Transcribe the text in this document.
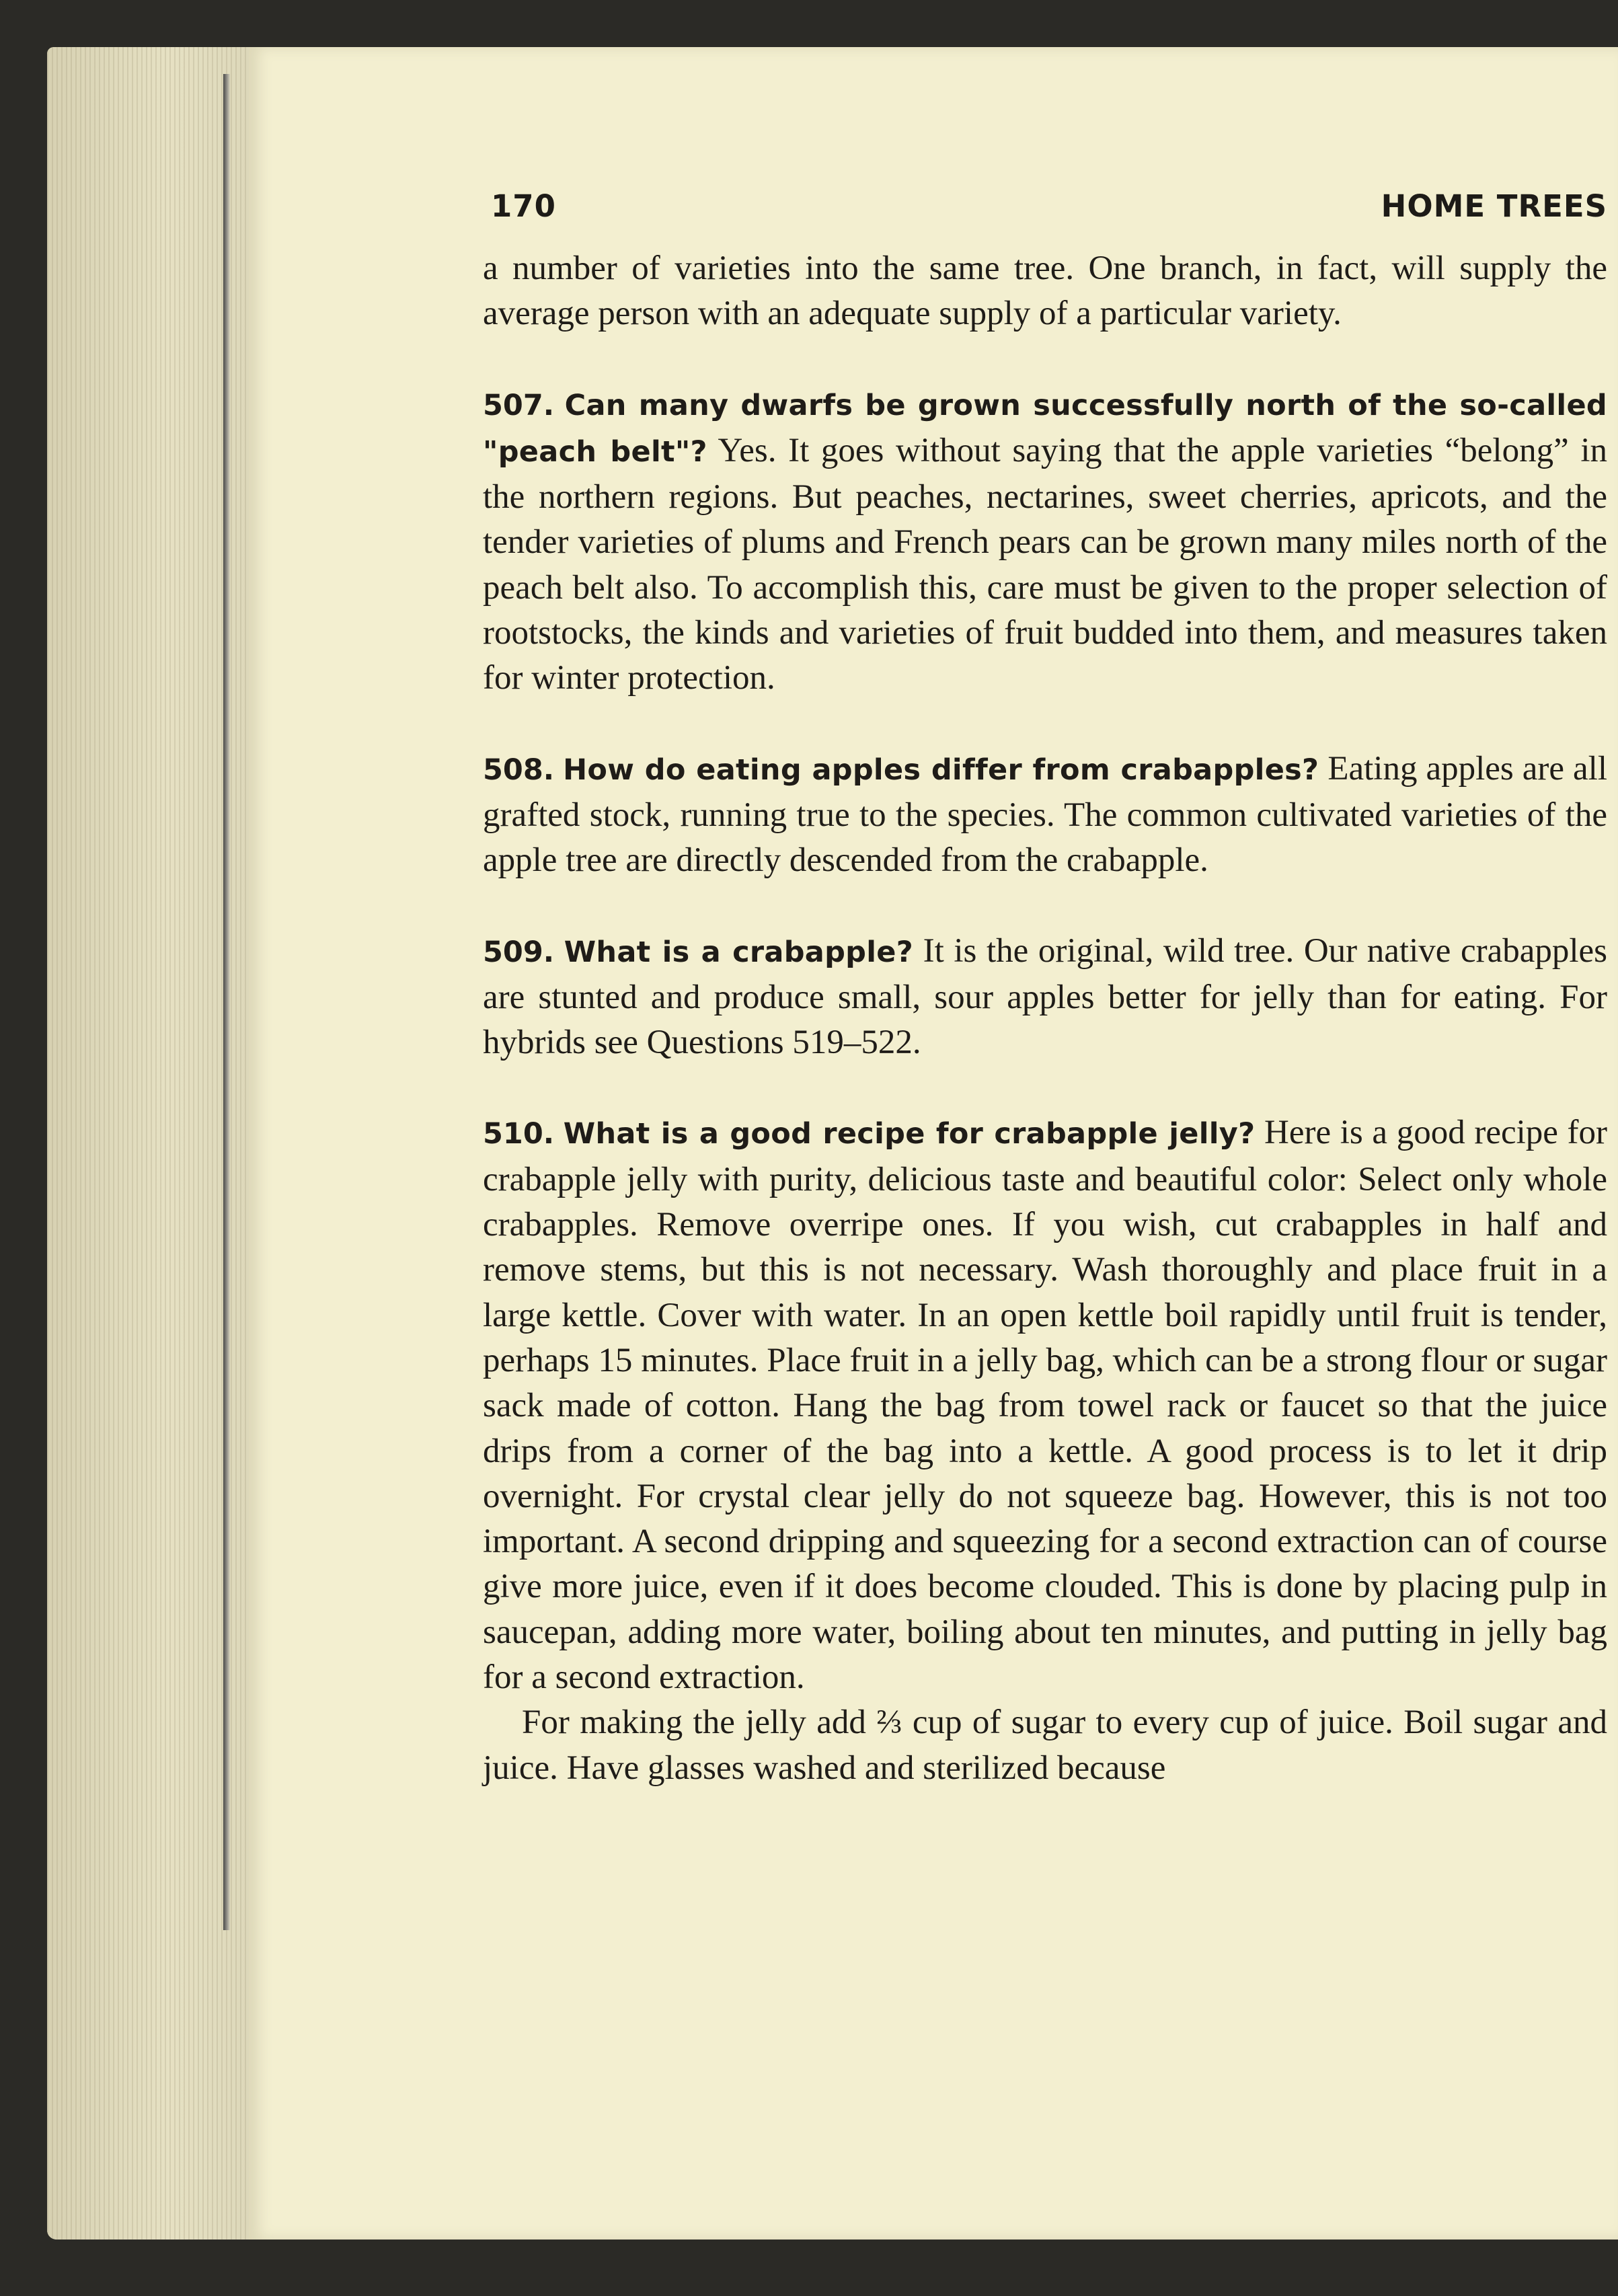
170	HOME TREES

a number of varieties into the same tree. One branch, in fact, will supply the average person with an adequate supply of a particular variety.

507. Can many dwarfs be grown successfully north of the so-called "peach belt"? Yes. It goes without saying that the apple varieties “belong” in the northern regions. But peaches, nectarines, sweet cherries, apricots, and the tender varieties of plums and French pears can be grown many miles north of the peach belt also. To accomplish this, care must be given to the proper selection of rootstocks, the kinds and varieties of fruit budded into them, and measures taken for winter protection.

508. How do eating apples differ from crabapples? Eating apples are all grafted stock, running true to the species. The common cultivated varieties of the apple tree are directly descended from the crabapple.

509. What is a crabapple? It is the original, wild tree. Our native crabapples are stunted and produce small, sour apples better for jelly than for eating. For hybrids see Questions 519–522.

510. What is a good recipe for crabapple jelly? Here is a good recipe for crabapple jelly with purity, delicious taste and beautiful color: Select only whole crabapples. Remove overripe ones. If you wish, cut crabapples in half and remove stems, but this is not necessary. Wash thoroughly and place fruit in a large kettle. Cover with water. In an open kettle boil rapidly until fruit is tender, perhaps 15 minutes. Place fruit in a jelly bag, which can be a strong flour or sugar sack made of cotton. Hang the bag from towel rack or faucet so that the juice drips from a corner of the bag into a kettle. A good process is to let it drip overnight. For crystal clear jelly do not squeeze bag. However, this is not too important. A second dripping and squeezing for a second extraction can of course give more juice, even if it does become clouded. This is done by placing pulp in saucepan, adding more water, boiling about ten minutes, and putting in jelly bag for a second extraction.

For making the jelly add ⅔ cup of sugar to every cup of juice. Boil sugar and juice. Have glasses washed and sterilized because
